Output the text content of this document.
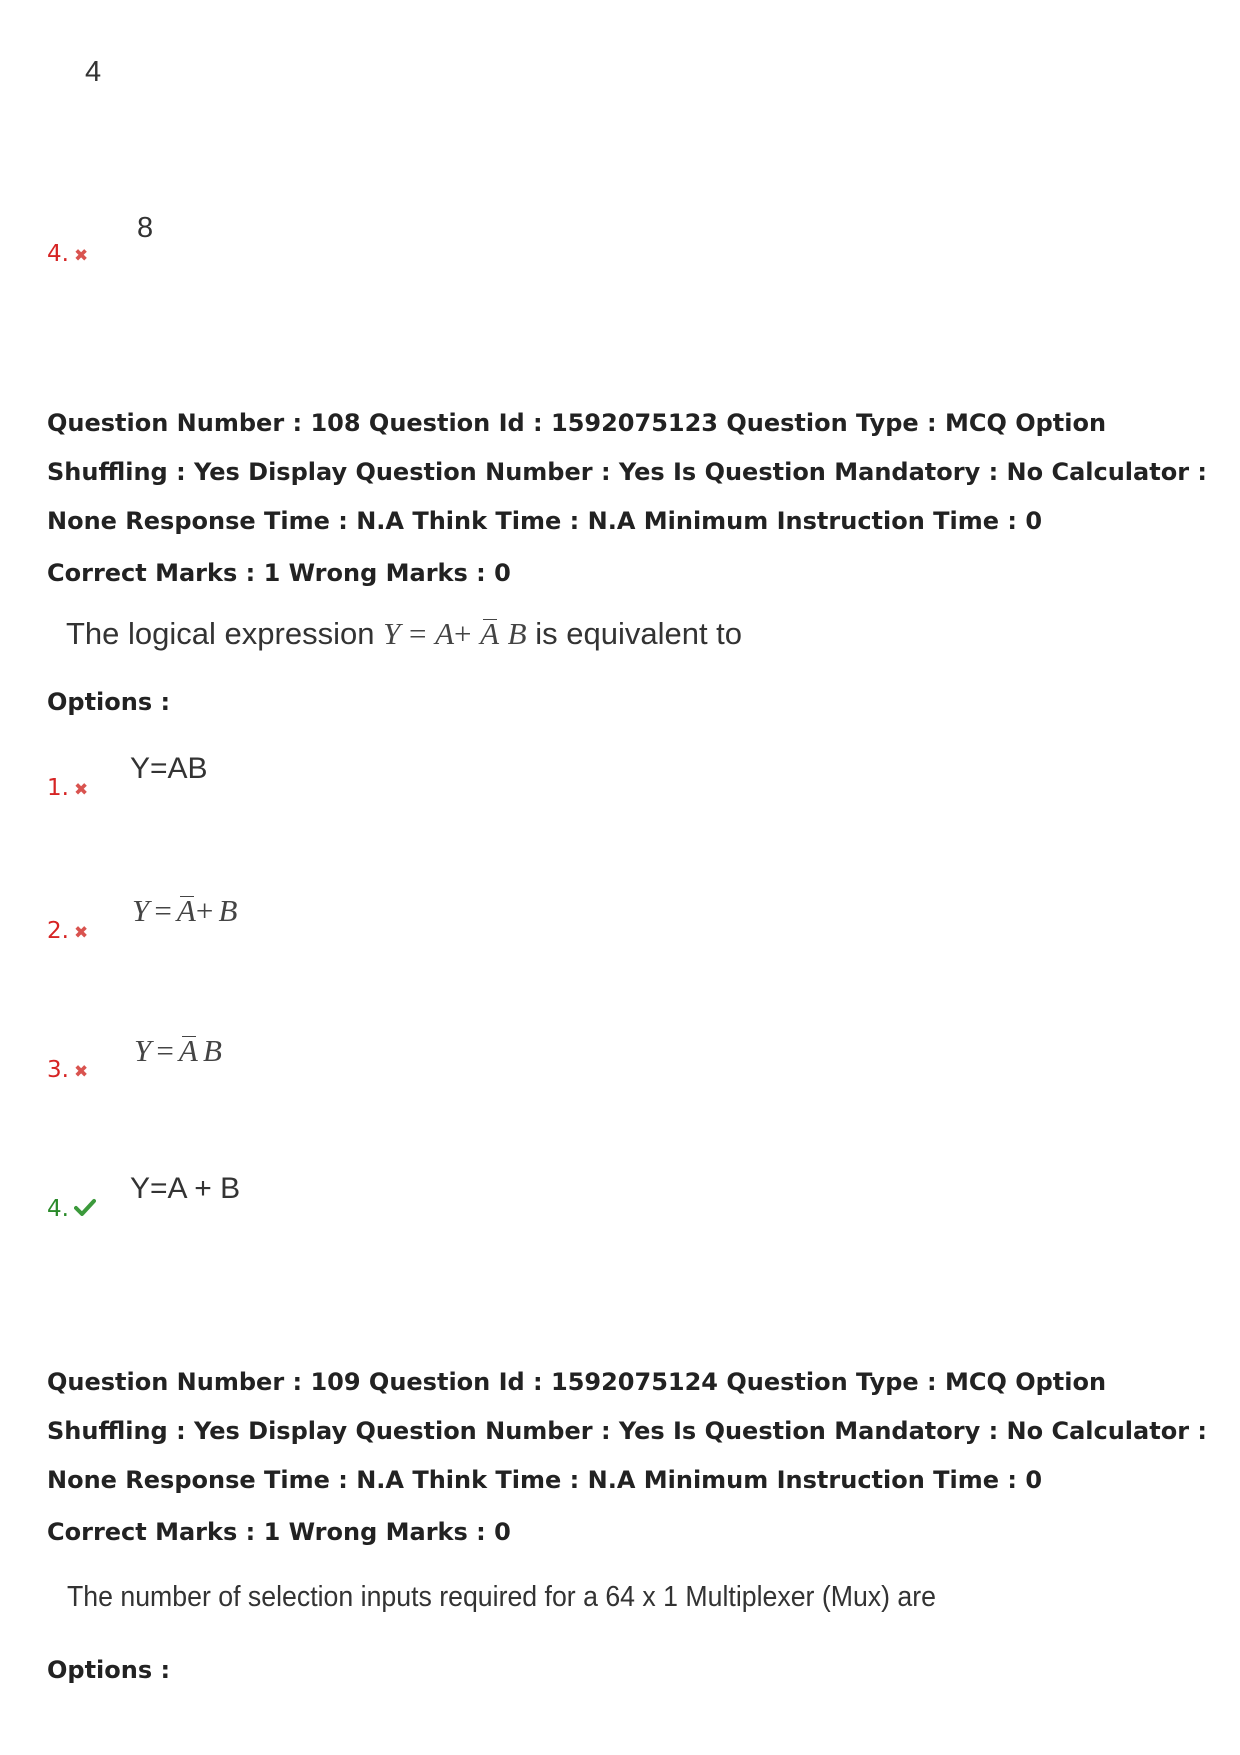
4
4. ✖
8
Question Number : 108 Question Id : 1592075123 Question Type : MCQ Option Shuffling : Yes Display Question Number : Yes Is Question Mandatory : No Calculator : None Response Time : N.A Think Time : N.A Minimum Instruction Time : 0
Correct Marks : 1 Wrong Marks : 0
The logical expression Y = A+ A B is equivalent to
Options :
1. ✖
Y=AB
2. ✖
Y = A+ B
3. ✖
Y = A B
4.
Y=A + B
Question Number : 109 Question Id : 1592075124 Question Type : MCQ Option Shuffling : Yes Display Question Number : Yes Is Question Mandatory : No Calculator : None Response Time : N.A Think Time : N.A Minimum Instruction Time : 0
Correct Marks : 1 Wrong Marks : 0
The number of selection inputs required for a 64 x 1 Multiplexer (Mux) are
Options :
